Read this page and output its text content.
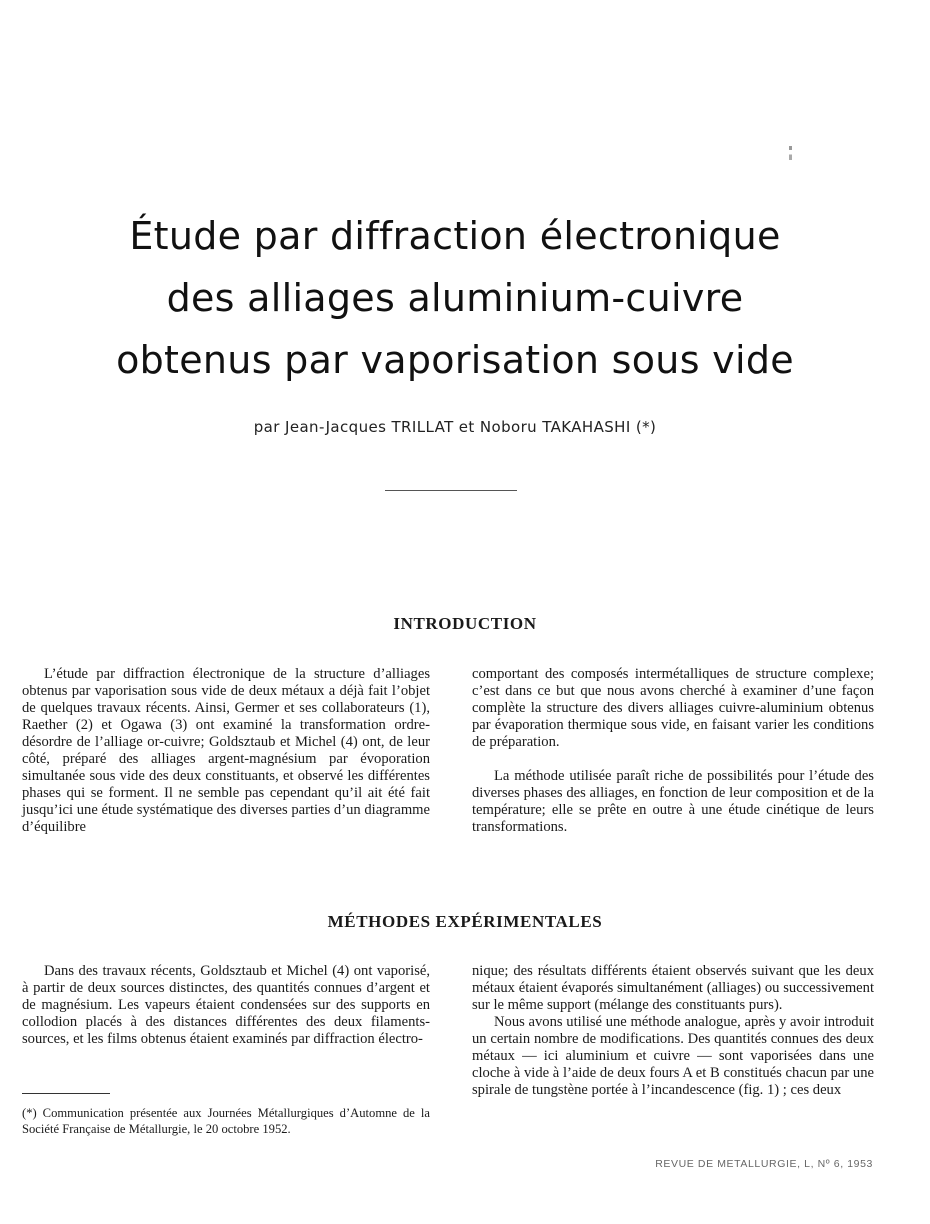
Étude par diffraction électronique
des alliages aluminium-cuivre
obtenus par vaporisation sous vide
par Jean-Jacques TRILLAT et Noboru TAKAHASHI (*)
INTRODUCTION

L’étude par diffraction électronique de la structure d’alliages obtenus par vaporisation sous vide de deux métaux a déjà fait l’objet de quelques travaux récents. Ainsi, Germer et ses collaborateurs (1), Raether (2) et Ogawa (3) ont examiné la transformation ordre-désordre de l’alliage or-cuivre; Goldsztaub et Michel (4) ont, de leur côté, préparé des alliages argent-magnésium par évoporation simultanée sous vide des deux constituants, et observé les différentes phases qui se forment. Il ne semble pas cependant qu’il ait été fait jusqu’ici une étude systématique des diverses parties d’un diagramme d’équilibre

comportant des composés intermétalliques de structure complexe; c’est dans ce but que nous avons cherché à examiner d’une façon complète la structure des divers alliages cuivre-aluminium obtenus par évaporation thermique sous vide, en faisant varier les conditions de préparation.

La méthode utilisée paraît riche de possibilités pour l’étude des diverses phases des alliages, en fonction de leur composition et de la température; elle se prête en outre à une étude cinétique de leurs transformations.

MÉTHODES EXPÉRIMENTALES

Dans des travaux récents, Goldsztaub et Michel (4) ont vaporisé, à partir de deux sources distinctes, des quantités connues d’argent et de magnésium. Les vapeurs étaient condensées sur des supports en collodion placés à des distances différentes des deux filaments-sources, et les films obtenus étaient examinés par diffraction électro-

nique; des résultats différents étaient observés suivant que les deux métaux étaient évaporés simultanément (alliages) ou successivement sur le même support (mélange des constituants purs).

Nous avons utilisé une méthode analogue, après y avoir introduit un certain nombre de modifications. Des quantités connues des deux métaux — ici aluminium et cuivre — sont vaporisées dans une cloche à vide à l’aide de deux fours A et B constitués chacun par une spirale de tungstène portée à l’incandescence (fig. 1) ; ces deux

(*) Communication présentée aux Journées Métallurgiques d’Automne de la Société Française de Métallurgie, le 20 octobre 1952.
REVUE DE METALLURGIE, L, Nº 6, 1953
